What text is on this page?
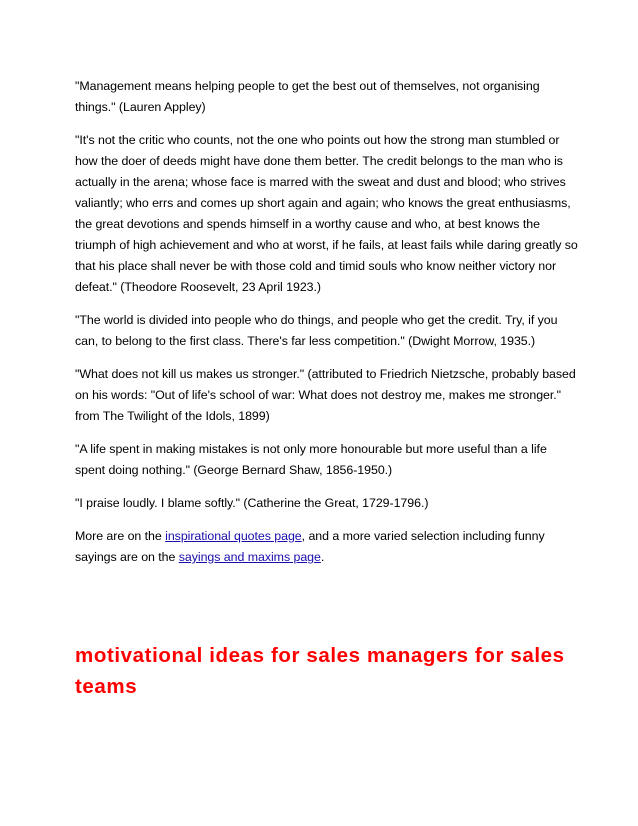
"Management means helping people to get the best out of themselves, not organising things." (Lauren Appley)

"It's not the critic who counts, not the one who points out how the strong man stumbled or how the doer of deeds might have done them better. The credit belongs to the man who is actually in the arena; whose face is marred with the sweat and dust and blood; who strives valiantly; who errs and comes up short again and again; who knows the great enthusiasms, the great devotions and spends himself in a worthy cause and who, at best knows the triumph of high achievement and who at worst, if he fails, at least fails while daring greatly so that his place shall never be with those cold and timid souls who know neither victory nor defeat." (Theodore Roosevelt, 23 April 1923.)

"The world is divided into people who do things, and people who get the credit. Try, if you can, to belong to the first class. There's far less competition." (Dwight Morrow, 1935.)

"What does not kill us makes us stronger." (attributed to Friedrich Nietzsche, probably based on his words: "Out of life's school of war: What does not destroy me, makes me stronger." from The Twilight of the Idols, 1899)

"A life spent in making mistakes is not only more honourable but more useful than a life spent doing nothing." (George Bernard Shaw, 1856-1950.)

"I praise loudly. I blame softly." (Catherine the Great, 1729-1796.)

More are on the inspirational quotes page, and a more varied selection including funny sayings are on the sayings and maxims page.

motivational ideas for sales managers for sales teams
